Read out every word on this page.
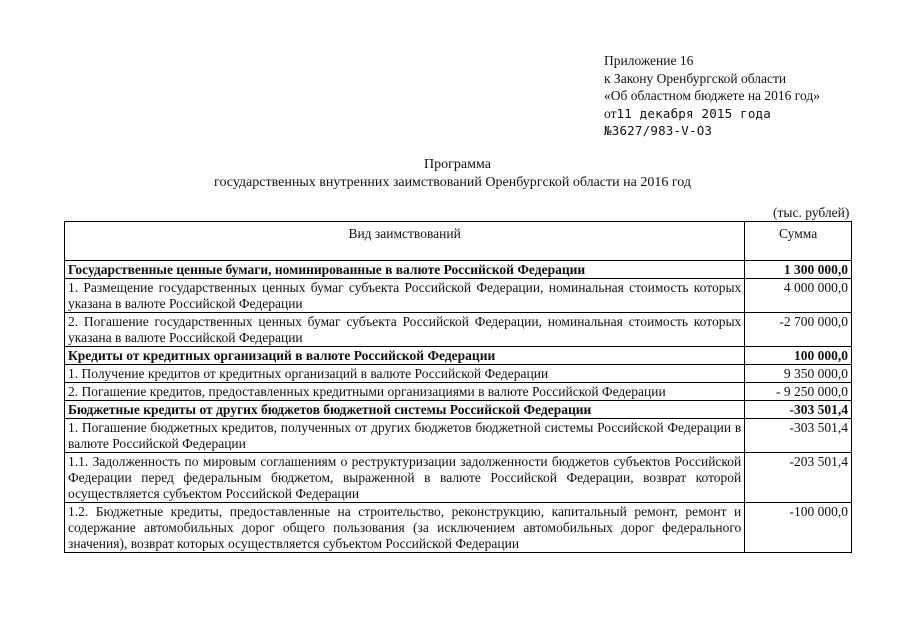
Приложение 16
к Закону Оренбургской области
«Об областном бюджете на 2016 год»
от11 декабря 2015 года
№3627/983-V-ОЗ
Программа
государственных внутренних заимствований Оренбургской области на 2016 год
(тыс. рублей)
Вид заимствований	Сумма
Государственные ценные бумаги, номинированные в валюте Российской Федерации	1 300 000,0
1. Размещение государственных ценных бумаг субъекта Российской Федерации, номинальная стоимость которых указана в валюте Российской Федерации	4 000 000,0
2. Погашение государственных ценных бумаг субъекта Российской Федерации, номинальная стоимость которых указана в валюте Российской Федерации	-2 700 000,0
Кредиты от кредитных организаций в валюте Российской Федерации	100 000,0
1. Получение кредитов от кредитных организаций в валюте Российской Федерации	9 350 000,0
2. Погашение кредитов, предоставленных кредитными организациями в валюте Российской Федерации	- 9 250 000,0
Бюджетные кредиты от других бюджетов бюджетной системы Российской Федерации	-303 501,4
1. Погашение бюджетных кредитов, полученных от других бюджетов бюджетной системы Российской Федерации в валюте Российской Федерации	-303 501,4
1.1. Задолженность по мировым соглашениям о реструктуризации задолженности бюджетов субъектов Российской Федерации перед федеральным бюджетом, выраженной в валюте Российской Федерации, возврат которой осуществляется субъектом Российской Федерации	-203 501,4
1.2. Бюджетные кредиты, предоставленные на строительство, реконструкцию, капитальный ремонт, ремонт и содержание автомобильных дорог общего пользования (за исключением автомобильных дорог федерального значения), возврат которых осуществляется субъектом Российской Федерации	-100 000,0
